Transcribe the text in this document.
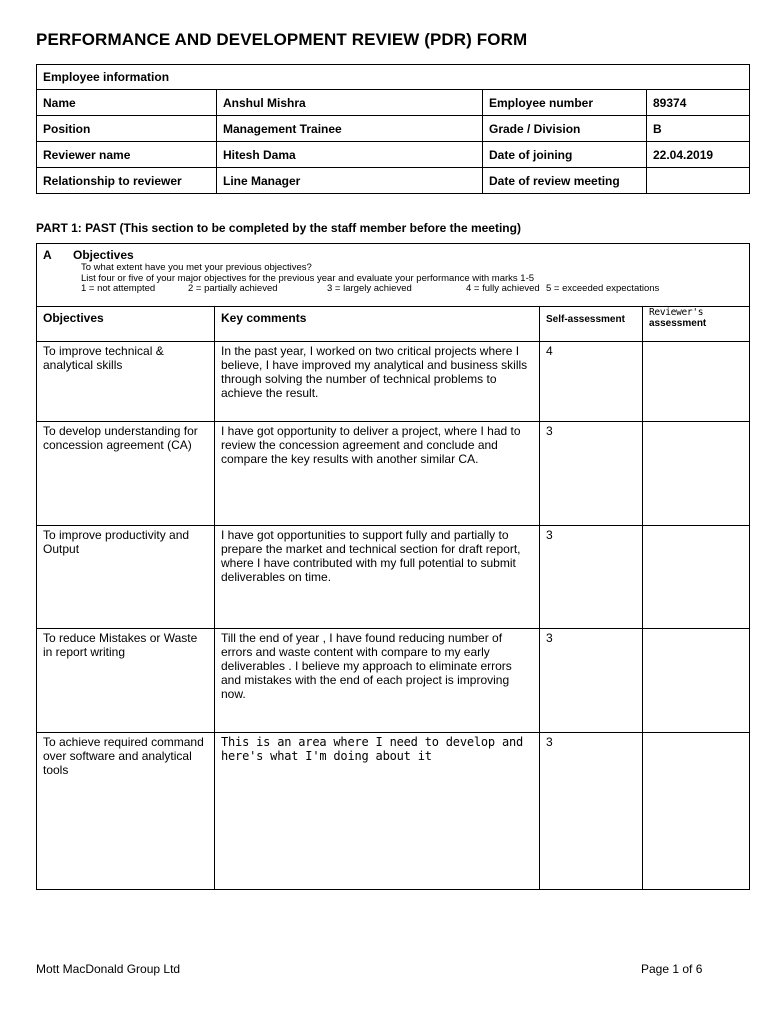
PERFORMANCE AND DEVELOPMENT REVIEW (PDR) FORM
Employee information			
Name	Anshul Mishra	Employee number	89374
Position	Management Trainee	Grade / Division	B
Reviewer name	Hitesh Dama	Date of joining	22.04.2019
Relationship to reviewer	Line Manager	Date of review meeting	
PART 1: PAST (This section to be completed by the staff member before the meeting)
A Objectives
To what extent have you met your previous objectives?
List four or five of your major objectives for the previous year and evaluate your performance with marks 1-5
1 = not attempted 2 = partially achieved 3 = largely achieved 4 = fully achieved 5 = exceeded expectations			

Objectives	Key comments	Self-assessment	Reviewer's
assessment

To improve technical & analytical skills	In the past year, I worked on two critical projects where I believe, I have improved my analytical and business skills through solving the number of technical problems to achieve the result.	4	
To develop understanding for concession agreement (CA)	I have got opportunity to deliver a project, where I had to review the concession agreement and conclude and compare the key results with another similar CA.	3	
To improve productivity and Output	I have got opportunities to support fully and partially to prepare the market and technical section for draft report, where I have contributed with my full potential to submit deliverables on time.	3	
To reduce Mistakes or Waste in report writing	Till the end of year , I have found reducing number of errors and waste content with compare to my early deliverables . I believe my approach to eliminate errors and mistakes with the end of each project is improving now.	3	
To achieve required command over software and analytical tools	This is an area where I need to develop and here's what I'm doing about it	3	
Mott MacDonald Group Ltd	Page 1 of 6
